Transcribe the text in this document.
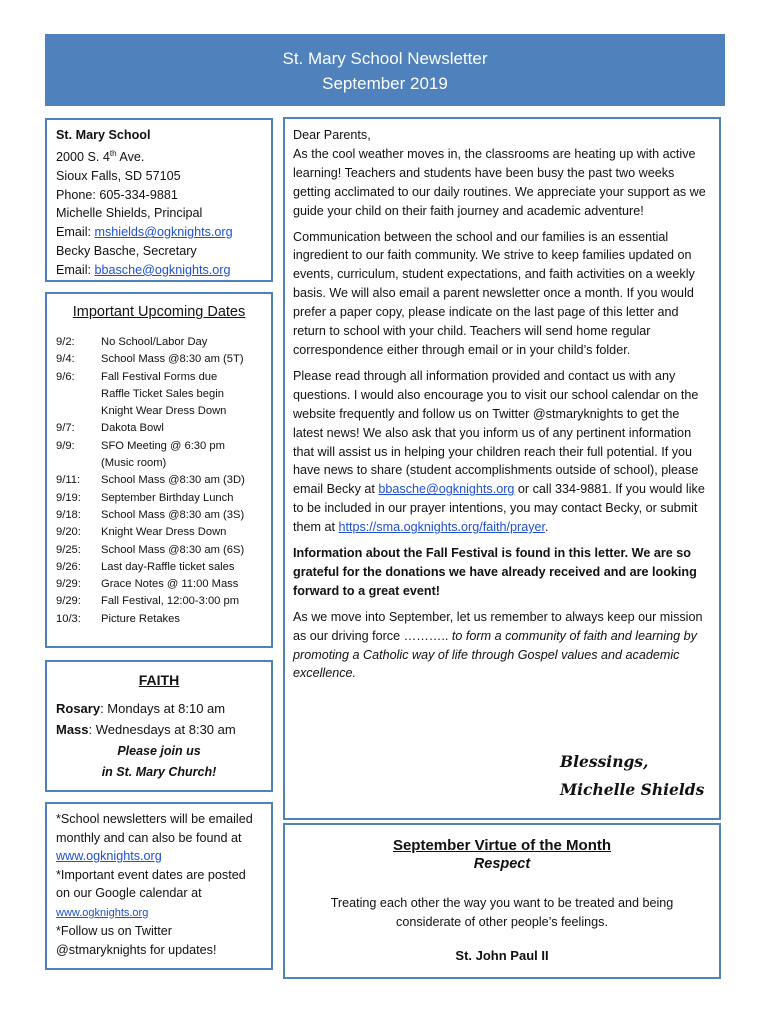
St. Mary School Newsletter
September 2019
St. Mary School
2000 S. 4th Ave.
Sioux Falls, SD 57105
Phone: 605-334-9881
Michelle Shields, Principal
Email: mshields@ogknights.org
Becky Basche, Secretary
Email: bbasche@ogknights.org
Important Upcoming Dates
9/2:	No School/Labor Day
9/4:	School Mass @8:30 am (5T)
9/6:	Fall Festival Forms due
Raffle Ticket Sales begin
Knight Wear Dress Down
9/7:	Dakota Bowl
9/9:	SFO Meeting @ 6:30 pm
(Music room)
9/11:	School Mass @8:30 am (3D)
9/19:	September Birthday Lunch
9/18:	School Mass @8:30 am (3S)
9/20:	Knight Wear Dress Down
9/25:	School Mass @8:30 am (6S)
9/26:	Last day-Raffle ticket sales
9/29:	Grace Notes @ 11:00 Mass
9/29:	Fall Festival, 12:00-3:00 pm
10/3:	Picture Retakes
FAITH
Rosary: Mondays at 8:10 am
Mass: Wednesdays at 8:30 am
Please join us
in St. Mary Church!
*School newsletters will be emailed monthly and can also be found at www.ogknights.org
*Important event dates are posted on our Google calendar at www.ogknights.org
*Follow us on Twitter @stmaryknights for updates!
Dear Parents,

As the cool weather moves in, the classrooms are heating up with active learning! Teachers and students have been busy the past two weeks getting acclimated to our daily routines. We appreciate your support as we guide your child on their faith journey and academic adventure!

Communication between the school and our families is an essential ingredient to our faith community. We strive to keep families updated on events, curriculum, student expectations, and faith activities on a weekly basis. We will also email a parent newsletter once a month. If you would prefer a paper copy, please indicate on the last page of this letter and return to school with your child. Teachers will send home regular correspondence either through email or in your child’s folder.

Please read through all information provided and contact us with any questions. I would also encourage you to visit our school calendar on the website frequently and follow us on Twitter @stmaryknights to get the latest news! We also ask that you inform us of any pertinent information that will assist us in helping your children reach their full potential. If you have news to share (student accomplishments outside of school), please email Becky at bbasche@ogknights.org or call 334-9881. If you would like to be included in our prayer intentions, you may contact Becky, or submit them at https://sma.ogknights.org/faith/prayer.

Information about the Fall Festival is found in this letter. We are so grateful for the donations we have already received and are looking forward to a great event!

As we move into September, let us remember to always keep our mission as our driving force ……….. to form a community of faith and learning by promoting a Catholic way of life through Gospel values and academic excellence.

Blessings,
Michelle Shields
September Virtue of the Month
Respect
Treating each other the way you want to be treated and being considerate of other people’s feelings.
St. John Paul II
